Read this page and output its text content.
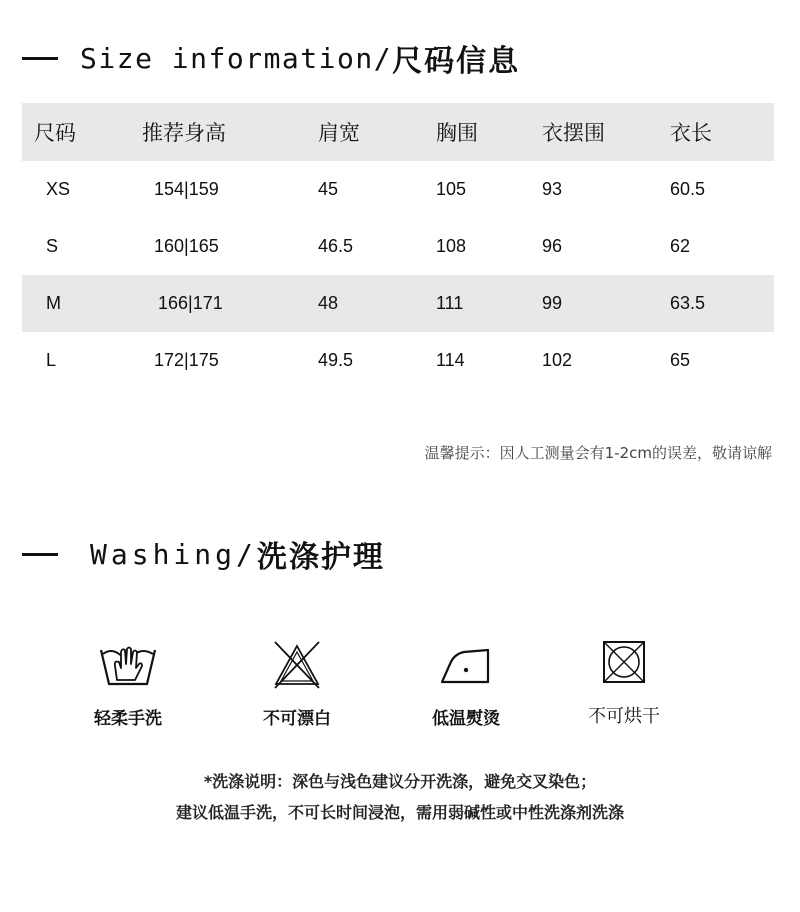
Size information/ 尺码信息
尺码	推荐身高	肩宽	胸围	衣摆围	衣长
XS	154|159	45	105	93	60.5
S	160|165	46.5	108	96	62
M	166|171	48	111	99	63.5
L	172|175	49.5	114	102	65
温馨提示：因人工测量会有1-2cm的误差，敬请谅解
Washing/ 洗涤护理
轻柔手洗	不可漂白	低温熨烫	不可烘干
*洗涤说明：深色与浅色建议分开洗涤，避免交叉染色；
建议低温手洗，不可长时间浸泡，需用弱碱性或中性洗涤剂洗涤
